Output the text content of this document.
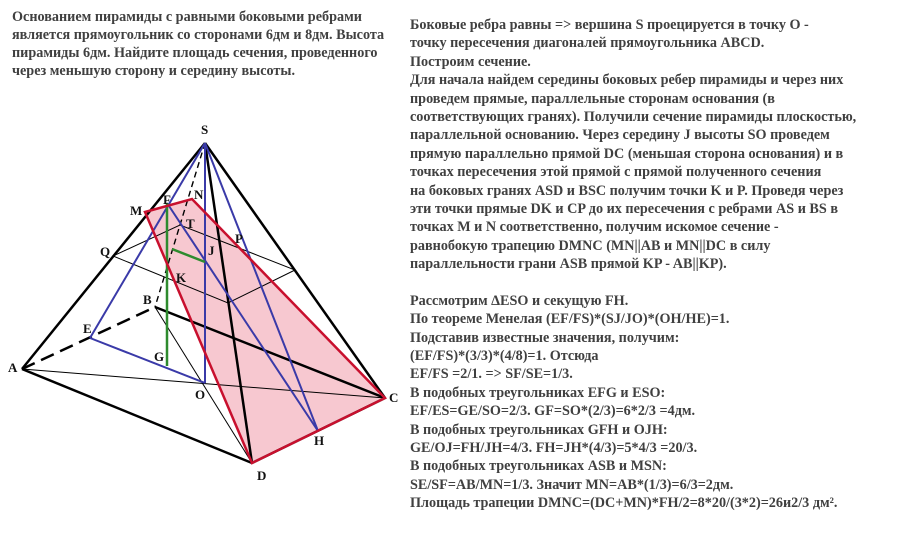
Основанием пирамиды с равными боковыми ребрами является прямоугольник со сторонами 6дм и 8дм. Высота пирамиды 6дм. Найдите площадь сечения, проведенного через меньшую сторону и середину высоты.
Боковые ребра равны => вершина S проецируется в точку O -
точку пересечения диагоналей прямоугольника ABCD.
Построим сечение.
Для начала найдем середины боковых ребер пирамиды и через них
проведем прямые, параллельные сторонам основания (в
соответствующих гранях). Получили сечение пирамиды плоскостью,
параллельной основанию. Через середину J высоты SO проведем
прямую параллельно прямой DC (меньшая сторона основания) и в
точках пересечения этой прямой с прямой полученного сечения
на боковых гранях ASD и BSC получим точки K и P. Проведя через
эти точки прямые DK и CP до их пересечения с ребрами AS и BS в
точках M и N соответственно, получим искомое сечение -
равнобокую трапецию DMNC (MN||AB и MN||DC в силу
параллельности грани ASB прямой KP - AB||KP).
Рассмотрим ΔESO и секущую FH.
По теореме Менелая (EF/FS)*(SJ/JO)*(OH/HE)=1.
Подставив известные значения, получим:
(EF/FS)*(3/3)*(4/8)=1. Отсюда
EF/FS =2/1. => SF/SE=1/3.
В подобных треугольниках EFG и ESO:
EF/ES=GE/SO=2/3. GF=SO*(2/3)=6*2/3 =4дм.
В подобных треугольниках GFH и OJH:
GE/OJ=FH/JH=4/3. FH=JH*(4/3)=5*4/3 =20/3.
В подобных треугольниках ASB и MSN:
SE/SF=AB/MN=1/3. Значит MN=AB*(1/3)=6/3=2дм.
Площадь трапеции DMNC=(DC+MN)*FH/2=8*20/(3*2)=26и2/3 дм².
S
A
B
C
D
O
M
N
F
T
J
P
Q
K
E
G
H
